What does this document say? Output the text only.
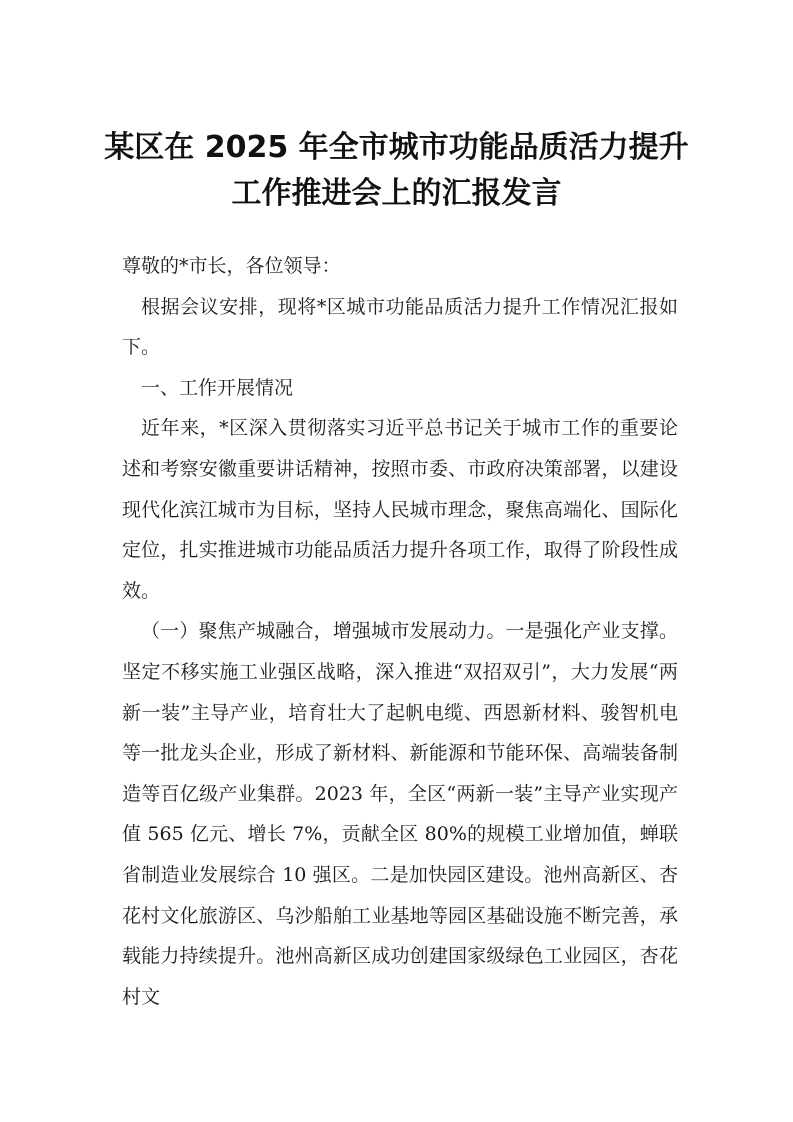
某区在 2025 年全市城市功能品质活力提升
工作推进会上的汇报发言

尊敬的*市长，各位领导：

根据会议安排，现将*区城市功能品质活力提升工作情况汇报如下。

一、工作开展情况

近年来，*区深入贯彻落实习近平总书记关于城市工作的重要论述和考察安徽重要讲话精神，按照市委、市政府决策部署，以建设现代化滨江城市为目标，坚持人民城市理念，聚焦高端化、国际化定位，扎实推进城市功能品质活力提升各项工作，取得了阶段性成效。

（一）聚焦产城融合，增强城市发展动力。一是强化产业支撑。坚定不移实施工业强区战略，深入推进“双招双引”，大力发展“两新一装”主导产业，培育壮大了起帆电缆、西恩新材料、骏智机电等一批龙头企业，形成了新材料、新能源和节能环保、高端装备制造等百亿级产业集群。2023 年，全区“两新一装”主导产业实现产值 565 亿元、增长 7%，贡献全区 80%的规模工业增加值，蝉联省制造业发展综合 10 强区。二是加快园区建设。池州高新区、杏花村文化旅游区、乌沙船舶工业基地等园区基础设施不断完善，承载能力持续提升。池州高新区成功创建国家级绿色工业园区，杏花村文
